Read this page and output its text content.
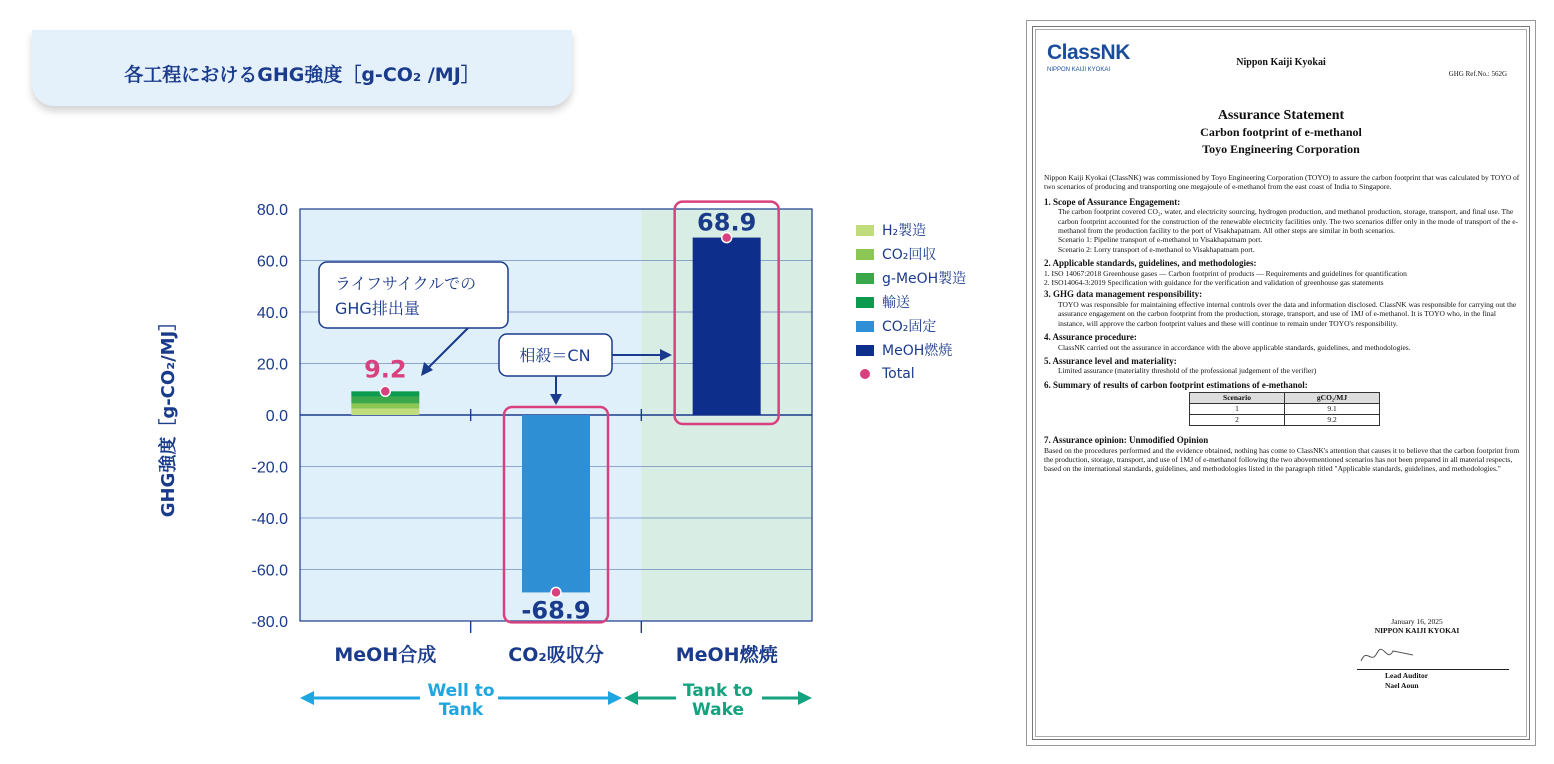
各工程におけるGHG強度［g-CO₂ /MJ］
80.0
60.0
40.0
20.0
0.0
-20.0
-40.0
-60.0
-80.0
GHG強度［g-CO₂/MJ］
MeOH合成	CO₂吸収分	MeOH燃焼
9.2
-68.9
68.9
ライフサイクルでの
GHG排出量
相殺＝CN
Well to
Tank
Tank to
Wake
H₂製造
CO₂回収
g-MeOH製造
輸送
CO₂固定
MeOH燃焼
Total
ClassNK
NIPPON KAIJI KYOKAI
Nippon Kaiji Kyokai
GHG Ref.No.: 562G
Assurance Statement
Carbon footprint of e-methanol
Toyo Engineering Corporation

Nippon Kaiji Kyokai (ClassNK) was commissioned by Toyo Engineering Corporation (TOYO) to assure the carbon footprint that was calculated by TOYO of two scenarios of producing and transporting one megajoule of e-methanol from the east coast of India to Singapore.

1. Scope of Assurance Engagement:
The carbon footprint covered CO₂, water, and electricity sourcing, hydrogen production, and methanol production, storage, transport, and final use. The carbon footprint accounted for the construction of the renewable electricity facilities only. The two scenarios differ only in the mode of transport of the e-methanol from the production facility to the port of Visakhapatnam. All other steps are similar in both scenarios.
Scenario 1: Pipeline transport of e-methanol to Visakhapatnam port.
Scenario 2: Lorry transport of e-methanol to Visakhapatnam port.
2. Applicable standards, guidelines, and methodologies:
1. ISO 14067:2018 Greenhouse gases — Carbon footprint of products — Requirements and guidelines for quantification
2. ISO14064-3:2019 Specification with guidance for the verification and validation of greenhouse gas statements
3. GHG data management responsibility:
TOYO was responsible for maintaining effective internal controls over the data and information disclosed. ClassNK was responsible for carrying out the assurance engagement on the carbon footprint from the production, storage, transport, and use of 1MJ of e-methanol. It is TOYO who, in the final instance, will approve the carbon footprint values and these will continue to remain under TOYO's responsibility.
4. Assurance procedure:
ClassNK carried out the assurance in accordance with the above applicable standards, guidelines, and methodologies.
5. Assurance level and materiality:
Limited assurance (materiality threshold of the professional judgement of the verifier)
6. Summary of results of carbon footprint estimations of e-methanol:
Scenario	gCO₂/MJ
1	9.1
2	9.2
7. Assurance opinion: Unmodified Opinion
Based on the procedures performed and the evidence obtained, nothing has come to ClassNK's attention that causes it to believe that the carbon footprint from the production, storage, transport, and use of 1MJ of e-methanol following the two abovementioned scenarios has not been prepared in all material respects, based on the international standards, guidelines, and methodologies listed in the paragraph titled "Applicable standards, guidelines, and methodologies."
January 16, 2025
NIPPON KAIJI KYOKAI
Lead Auditor
Nael Aoun
